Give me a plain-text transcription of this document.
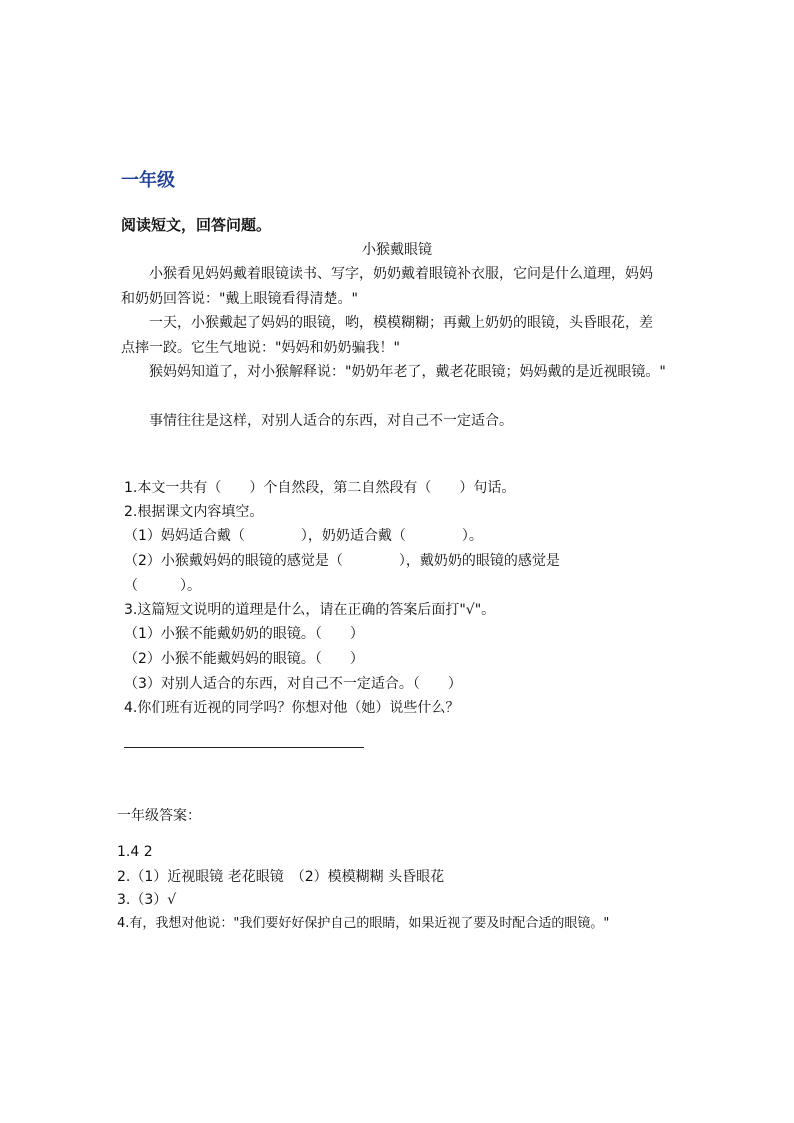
一年级
阅读短文，回答问题。
小猴戴眼镜
小猴看见妈妈戴着眼镜读书、写字，奶奶戴着眼镜补衣服，它问是什么道理，妈妈和奶奶回答说："戴上眼镜看得清楚。"
一天，小猴戴起了妈妈的眼镜，哟，模模糊糊；再戴上奶奶的眼镜，头昏眼花，差点摔一跤。它生气地说："妈妈和奶奶骗我！"
猴妈妈知道了，对小猴解释说："奶奶年老了，戴老花眼镜；妈妈戴的是近视眼镜。"
事情往往是这样，对别人适合的东西，对自己不一定适合。
1.本文一共有（　　）个自然段，第二自然段有（　　）句话。
2.根据课文内容填空。
（1）妈妈适合戴（　　　　），奶奶适合戴（　　　　）。
（2）小猴戴妈妈的眼镜的感觉是（　　　　），戴奶奶的眼镜的感觉是
（　　　）。
3.这篇短文说明的道理是什么，请在正确的答案后面打"√"。
（1）小猴不能戴奶奶的眼镜。（　　）
（2）小猴不能戴妈妈的眼镜。（　　）
（3）对别人适合的东西，对自己不一定适合。（　　）
4.你们班有近视的同学吗？你想对他（她）说些什么？
一年级答案：
1.4 2
2.（1）近视眼镜 老花眼镜　（2）模模糊糊 头昏眼花
3.（3）√
4.有，我想对他说："我们要好好保护自己的眼睛，如果近视了要及时配合适的眼镜。"
